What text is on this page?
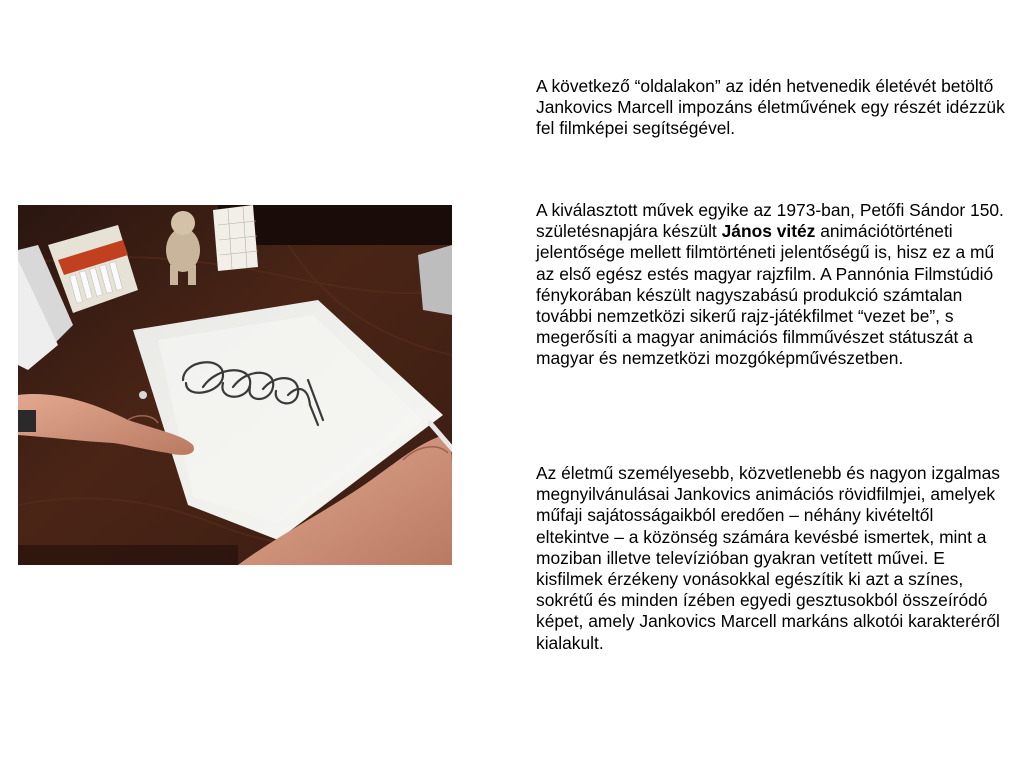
A következő “oldalakon” az idén hetvenedik életévét betöltő Jankovics Marcell impozáns életművének egy részét idézzük fel filmképei segítségével.

A kiválasztott művek egyike az 1973-ban, Petőfi Sándor 150. születésnapjára készült János vitéz animációtörténeti jelentősége mellett filmtörténeti jelentőségű is, hisz ez a mű az első egész estés magyar rajzfilm. A Pannónia Filmstúdió fénykorában készült nagyszabású produkció számtalan további nemzetközi sikerű rajz-játékfilmet “vezet be”, s megerősíti a magyar animációs filmművészet státuszát a magyar és nemzetközi mozgóképművészetben.

Az életmű személyesebb, közvetlenebb és nagyon izgalmas megnyilvánulásai Jankovics animációs rövidfilmjei, amelyek műfaji sajátosságaikból eredően – néhány kivételtől eltekintve – a közönség számára kevésbé ismertek, mint a moziban illetve televízióban gyakran vetített művei. E kisfilmek érzékeny vonásokkal egészítik ki azt a színes, sokrétű és minden ízében egyedi gesztusokból összeíródó képet, amely Jankovics Marcell markáns alkotói karakteréről kialakult.
